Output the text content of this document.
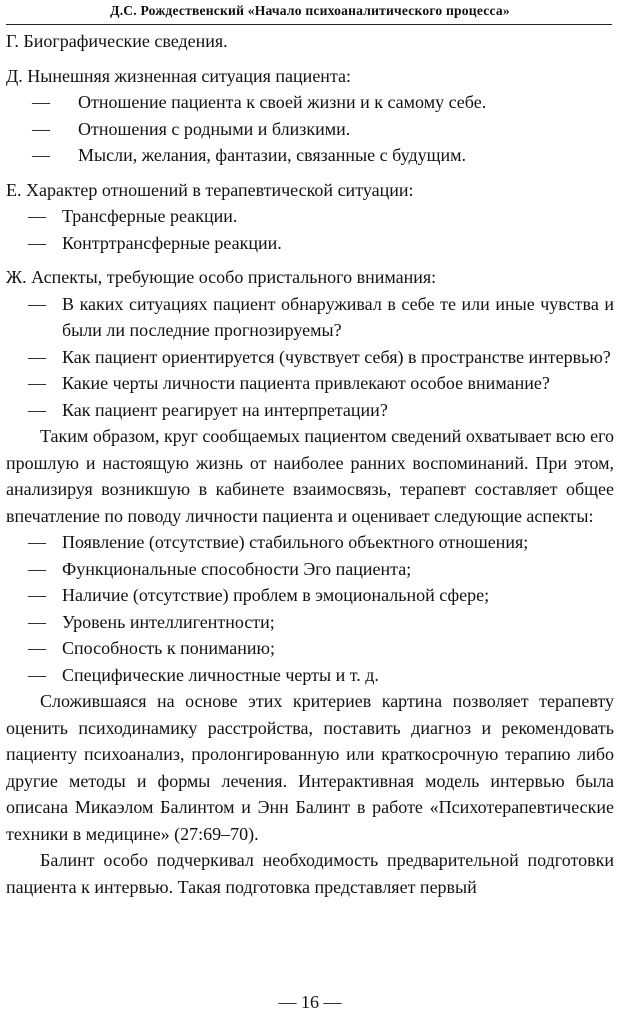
Д.С. Рождественский «Начало психоаналитического процесса»

Г. Биографические сведения.

Д. Нынешняя жизненная ситуация пациента:

— Отношение пациента к своей жизни и к самому себе.

— Отношения с родными и близкими.

— Мысли, желания, фантазии, связанные с будущим.

Е. Характер отношений в терапевтической ситуации:

— Трансферные реакции.

— Контртрансферные реакции.

Ж. Аспекты, требующие особо пристального внимания:

— В каких ситуациях пациент обнаруживал в себе те или иные чувства и были ли последние прогнозируемы?

— Как пациент ориентируется (чувствует себя) в пространстве интервью?

— Какие черты личности пациента привлекают особое внимание?

— Как пациент реагирует на интерпретации?

Таким образом, круг сообщаемых пациентом сведений охватывает всю его прошлую и настоящую жизнь от наиболее ранних воспоминаний. При этом, анализируя возникшую в кабинете взаимосвязь, терапевт составляет общее впечатление по поводу личности пациента и оценивает следующие аспекты:

— Появление (отсутствие) стабильного объектного отношения;

— Функциональные способности Эго пациента;

— Наличие (отсутствие) проблем в эмоциональной сфере;

— Уровень интеллигентности;

— Способность к пониманию;

— Специфические личностные черты и т. д.

Сложившаяся на основе этих критериев картина позволяет терапевту оценить психодинамику расстройства, поставить диагноз и рекомендовать пациенту психоанализ, пролонгированную или краткосрочную терапию либо другие методы и формы лечения. Интерактивная модель интервью была описана Микаэлом Балинтом и Энн Балинт в работе «Психотерапевтические техники в медицине» (27:69–70).

Балинт особо подчеркивал необходимость предварительной подготовки пациента к интервью. Такая подготовка представляет первый

— 16 —
